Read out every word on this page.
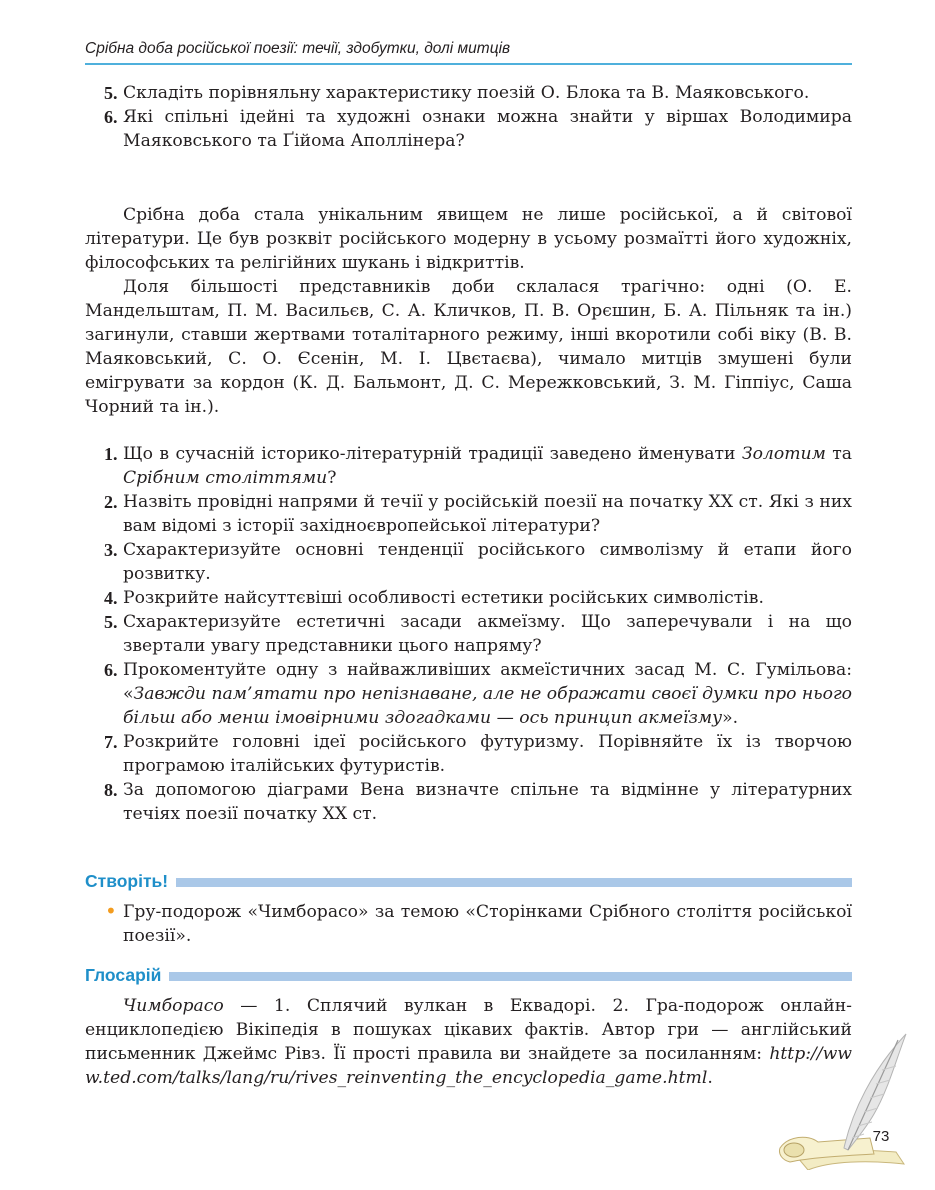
Срібна доба російської поезії: течії, здобутки, долі митців
5. Складіть порівняльну характеристику поезій О. Блока та В. Маяковського.
6. Які спільні ідейні та художні ознаки можна знайти у віршах Володимира Маяковського та Ґійома Аполлінера?

Срібна доба стала унікальним явищем не лише російської, а й світової літератури. Це був розквіт російського модерну в усьому розмаїтті його художніх, філософських та релігійних шукань і відкриттів.

Доля більшості представників доби склалася трагічно: одні (О. Е. Мандельштам, П. М. Васильєв, С. А. Кличков, П. В. Орєшин, Б. А. Пільняк та ін.) загинули, ставши жертвами тоталітарного режиму, інші вкоротили собі віку (В. В. Маяковський, С. О. Єсенін, М. І. Цвєтаєва), чимало митців змушені були емігрувати за кордон (К. Д. Бальмонт, Д. С. Мережковський, З. М. Гіппіус, Саша Чорний та ін.).

1. Що в сучасній історико-літературній традиції заведено йменувати Золотим та Срібним століттями?
2. Назвіть провідні напрями й течії у російській поезії на початку XX ст. Які з них вам відомі з історії західноєвропейської літератури?
3. Схарактеризуйте основні тенденції російського символізму й етапи його розвитку.
4. Розкрийте найсуттєвіші особливості естетики російських символістів.
5. Схарактеризуйте естетичні засади акмеїзму. Що заперечували і на що звертали увагу представники цього напряму?
6. Прокоментуйте одну з найважливіших акмеїстичних засад М. С. Гумільова: «Завжди пам’ятати про непізнаване, але не ображати своєї думки про нього більш або менш імовірними здогадками — ось принцип акмеїзму».
7. Розкрийте головні ідеї російського футуризму. Порівняйте їх із творчою програмою італійських футуристів.
8. За допомогою діаграми Вена визначте спільне та відмінне у літературних течіях поезії початку XX ст.
Створіть!
• Гру-подорож «Чимборасо» за темою «Сторінками Срібного століття російської поезії».
Глосарій

Чимборасо — 1. Сплячий вулкан в Еквадорі. 2. Гра-подорож онлайн-енциклопедією Вікіпедія в пошуках цікавих фактів. Автор гри — англійський письменник Джеймс Рівз. Її прості правила ви знайдете за посиланням: http://www.ted.com/talks/lang/ru/rives_reinventing_the_encyclopedia_game.html.

73
